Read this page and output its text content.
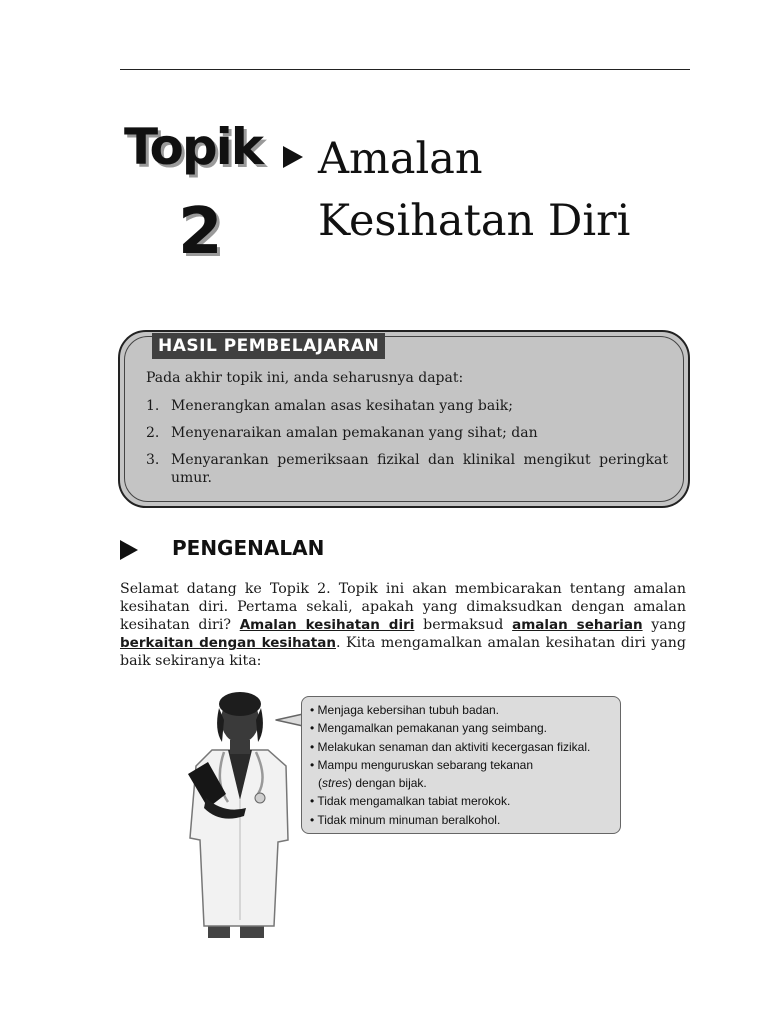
Topik
2
Amalan
Kesihatan Diri
HASIL PEMBELAJARAN
Pada akhir topik ini, anda seharusnya dapat:
1. Menerangkan amalan asas kesihatan yang baik;
2. Menyenaraikan amalan pemakanan yang sihat; dan
3. Menyarankan pemeriksaan fizikal dan klinikal mengikut peringkat umur.
PENGENALAN
Selamat datang ke Topik 2. Topik ini akan membicarakan tentang amalan kesihatan diri. Pertama sekali, apakah yang dimaksudkan dengan amalan kesihatan diri? Amalan kesihatan diri bermaksud amalan seharian yang berkaitan dengan kesihatan. Kita mengamalkan amalan kesihatan diri yang baik sekiranya kita:
• Menjaga kebersihan tubuh badan.
• Mengamalkan pemakanan yang seimbang.
• Melakukan senaman dan aktiviti kecergasan fizikal.
• Mampu menguruskan sebarang tekanan
(stres) dengan bijak.
• Tidak mengamalkan tabiat merokok.
• Tidak minum minuman beralkohol.
